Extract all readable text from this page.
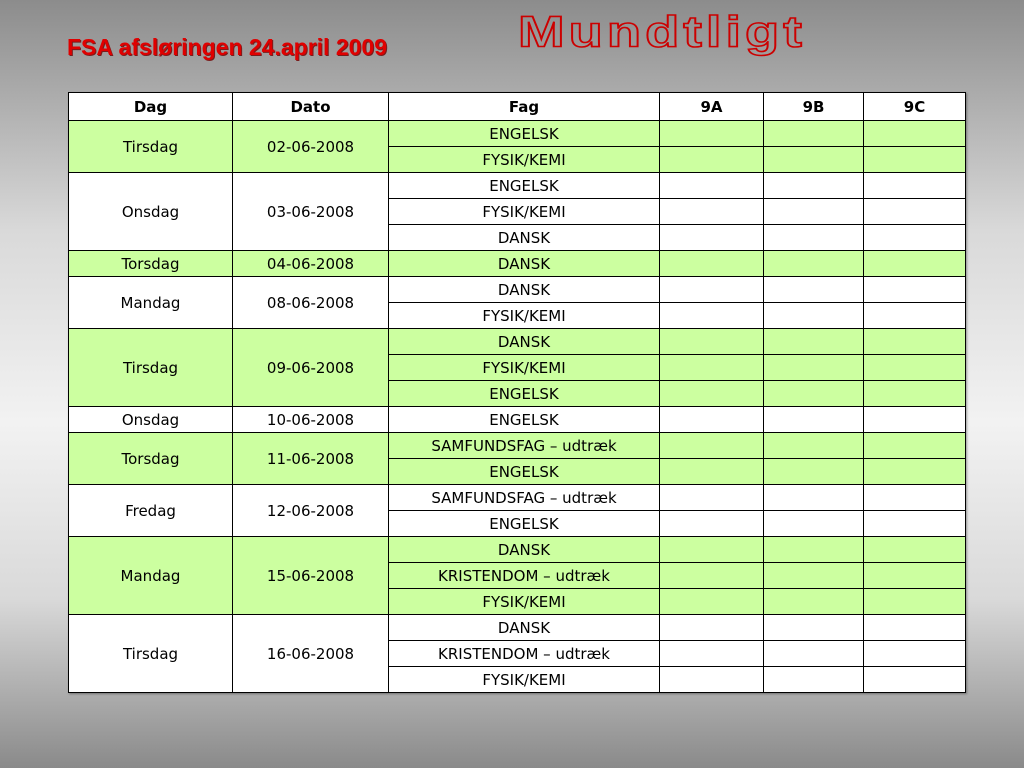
FSA afsløringen 24.april 2009 Mundtligt
Dag	Dato	Fag	9A	9B	9C
Tirsdag	02-06-2008	ENGELSK			
		FYSIK/KEMI			
Onsdag	03-06-2008	ENGELSK			
		FYSIK/KEMI			
		DANSK			
Torsdag	04-06-2008	DANSK			
Mandag	08-06-2008	DANSK			
		FYSIK/KEMI			
Tirsdag	09-06-2008	DANSK			
		FYSIK/KEMI			
		ENGELSK			
Onsdag	10-06-2008	ENGELSK			
Torsdag	11-06-2008	SAMFUNDSFAG – udtræk			
		ENGELSK			
Fredag	12-06-2008	SAMFUNDSFAG – udtræk			
		ENGELSK			
Mandag	15-06-2008	DANSK			
		KRISTENDOM – udtræk			
		FYSIK/KEMI			
Tirsdag	16-06-2008	DANSK			
		KRISTENDOM – udtræk			
		FYSIK/KEMI			
